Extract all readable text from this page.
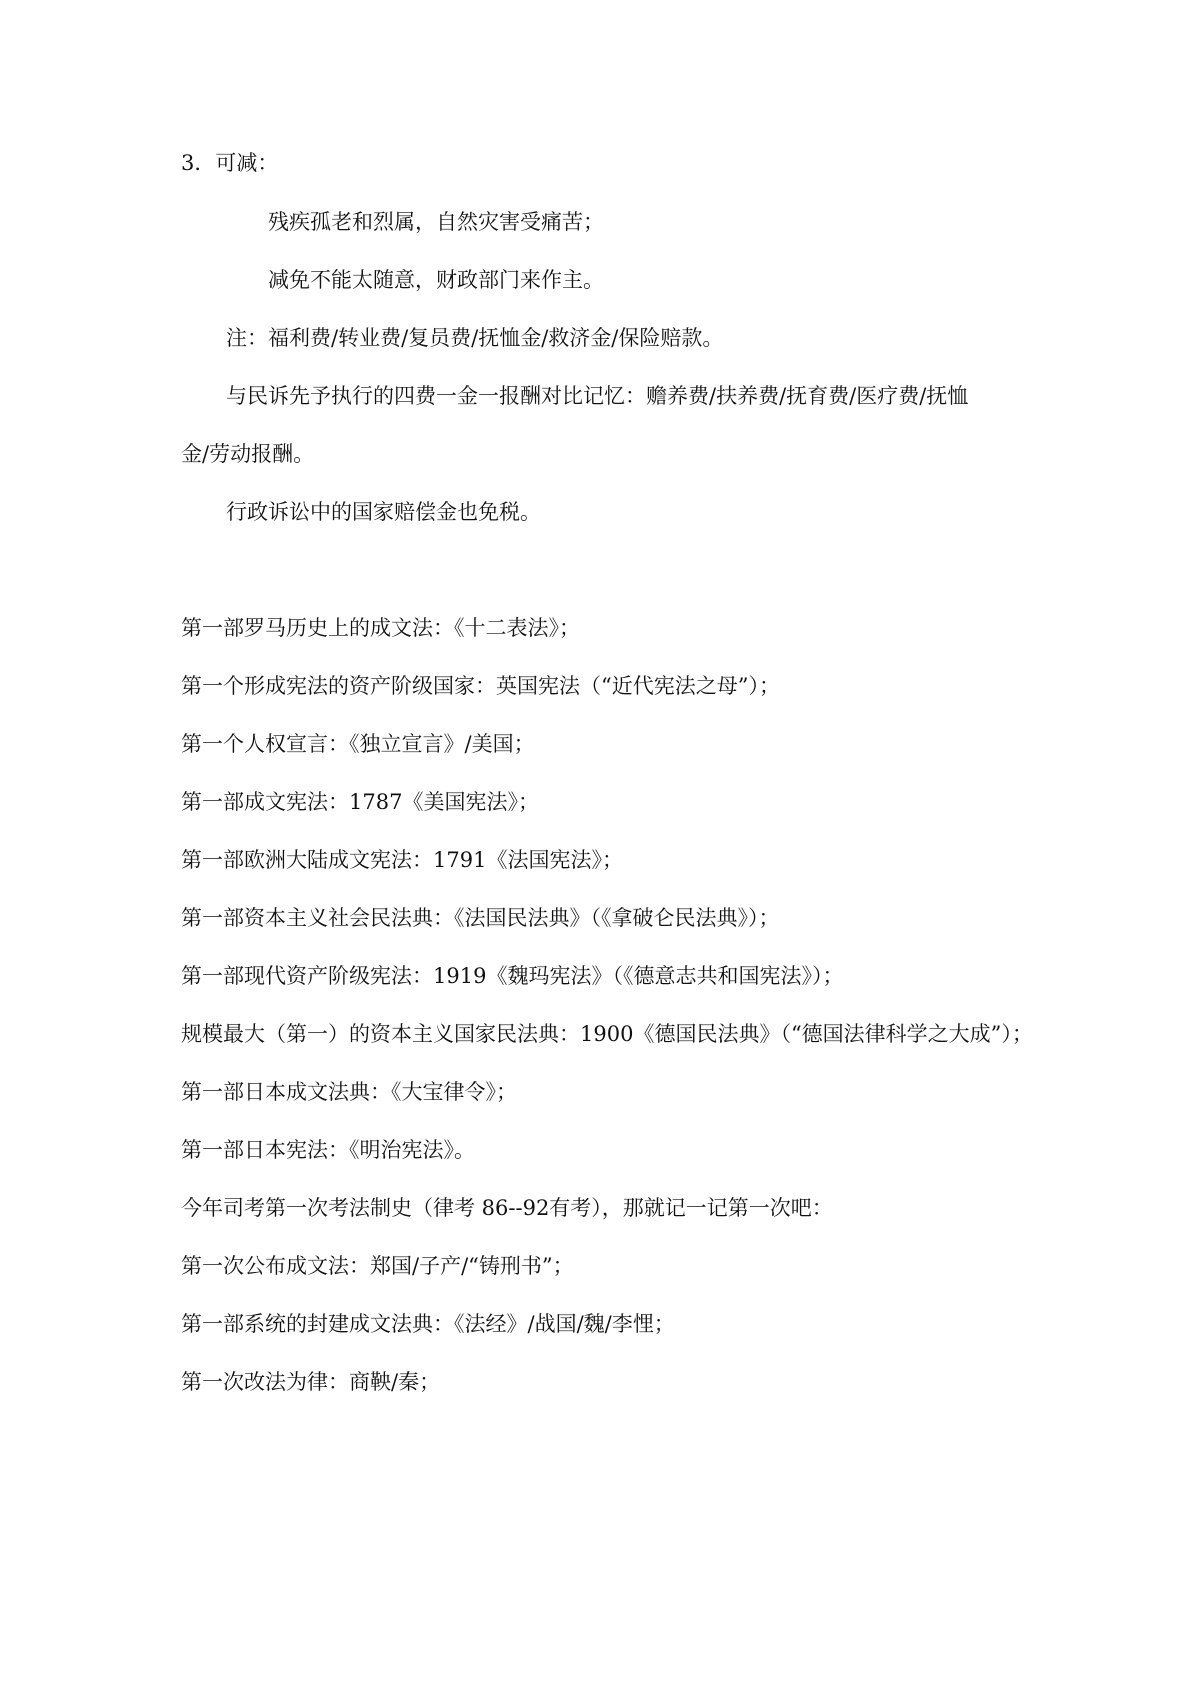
3．可减：
残疾孤老和烈属，自然灾害受痛苦；
减免不能太随意，财政部门来作主。
注：福利费/转业费/复员费/抚恤金/救济金/保险赔款。
与民诉先予执行的四费一金一报酬对比记忆：赡养费/扶养费/抚育费/医疗费/抚恤
金/劳动报酬。
行政诉讼中的国家赔偿金也免税。
第一部罗马历史上的成文法：《十二表法》；
第一个形成宪法的资产阶级国家：英国宪法（“近代宪法之母”）；
第一个人权宣言：《独立宣言》/美国；
第一部成文宪法：1787《美国宪法》；
第一部欧洲大陆成文宪法：1791《法国宪法》；
第一部资本主义社会民法典：《法国民法典》（《拿破仑民法典》）；
第一部现代资产阶级宪法：1919《魏玛宪法》（《德意志共和国宪法》）；
规模最大（第一）的资本主义国家民法典：1900《德国民法典》（“德国法律科学之大成”）；
第一部日本成文法典：《大宝律令》；
第一部日本宪法：《明治宪法》。
今年司考第一次考法制史（律考 86--92有考），那就记一记第一次吧：
第一次公布成文法：郑国/子产/“铸刑书”；
第一部系统的封建成文法典：《法经》/战国/魏/李悝；
第一次改法为律：商鞅/秦；
